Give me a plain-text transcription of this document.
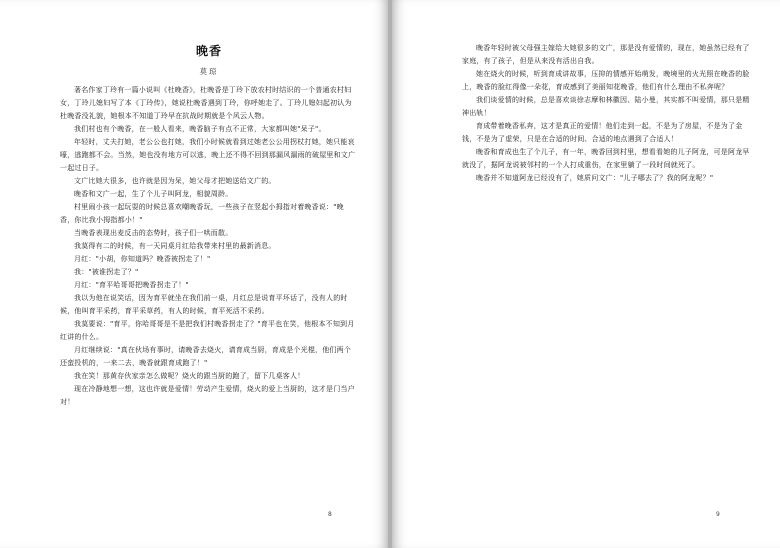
晚香
莫琼

著名作家丁玲有一篇小说叫《杜晚香》，杜晚香是丁玲下放农村时结识的一个普通农村妇女，丁玲儿媳妇写了本《丁玲传》，她说杜晚香遇到丁玲，你呼她走了。丁玲儿媳妇起初认为杜晚香没礼貌，她根本不知道丁玲早在抗战时期就是个风云人物。

我们村也有个晚香，在一般人看来，晚香脑子有点不正常，大家都叫她"呆子"。

年轻时，丈夫打她，老公公也打她，我们小时候就看到过她老公公用拐杖打她，她只能哀嚎，逃跑都不会。当然，她也没有地方可以逃，晚上还不得不回到那漏风漏雨的破屋里和文广一起过日子。

文广比她大很多，也许就是因为呆，她父母才把她送给文广的。

晚香和文广一起，生了个儿子叫阿龙，相貌周龄。

村里闹小孩一起玩耍的时候总喜欢嘲晚香玩，一些孩子在竖起小拇指对着晚香说："晚香，你比我小拇指都小！"

当晚香表现出麦反击的态势时，孩子们一哄而散。

我莫得有二的时候，有一天同桌月红给我带来村里的最新消息。

月红："小胡，你知道吗？晚香被拐走了！"

我："被谁拐走了？"

月红："育平哈哥哥把晚香拐走了！"

我以为他在说笑话，因为育平就坐在我们前一桌，月红总是说育平坏话了，没有人的时候，他叫育平采药，育平采草药，有人的时候，育平死活不采药。

我莫要说："育平，你哈哥哥是不是把我们村晚香拐走了？"育平也在笑，他根本不知到月红讲的什么。

月红继续说："真在伙场有事时，请晚香去烧火，请育成当厨，育成是个光棍，他们两个还蛮投机的，一来二去，晚香就跟育成跑了！"

我在笑！那黄存伙家亲怎么做呢？烧火的跟当厨的跑了，留下几桌客人！

现在冷静地想一想，这也许就是爱情！劳动产生爱情，烧火的爱上当厨的，这才是门当户对！

8

晚香年轻时被父母强主嫁给大她很多的文广，那是没有爱情的，现在，她虽然已经有了家庭，有了孩子，但是从来没有活出自我。

她在烧火的时候，听到育成讲故事，压抑的情感开始萌发，晚境里的火光照在晚香的脸上，晚香的脸红得像一朵花，育成感到了美丽知花晚香，他们有什么理由不私奔呢？

我们谈爱情的时候，总是喜欢谈徐志摩和林徽因、陆小曼，其实都不叫爱情，那只是精神出轨！

育成带着晚香私奔，这才是真正的爱情！他们走到一起，不是为了房屋，不是为了金钱，不是为了虚荣，只是在合适的时间、合适的地点遇到了合适人！

晚香和育成也生了个儿子，有一年，晚香回到村里，想看看她的儿子阿龙，可是阿龙早就没了，据阿龙说被邻村的一个人打成重伤，在家里躺了一段时间就死了。

晚香并不知道阿龙已经没有了，她质问文广："儿子哪去了？我的阿龙呢？"

9
